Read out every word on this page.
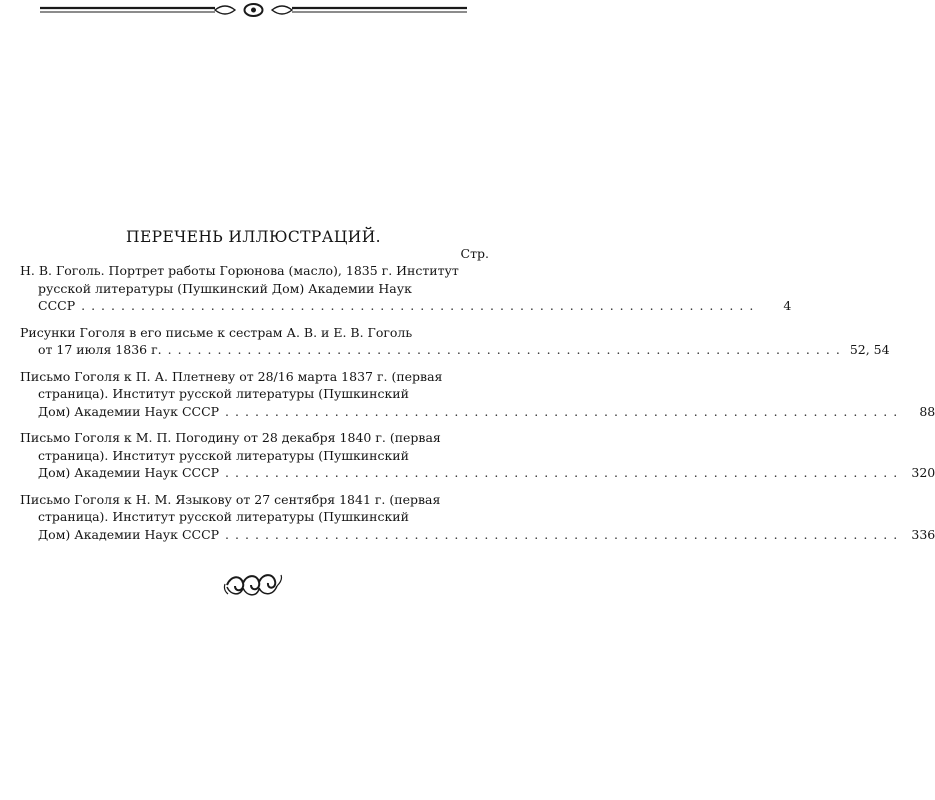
ПЕРЕЧЕНЬ ИЛЛЮСТРАЦИЙ.
Стр.
Н. В. Гоголь. Портрет работы Горюнова (масло), 1835 г. Институт
русской литературы (Пушкинский Дом) Академии Наук
СССР ....................................................................	4
Рисунки Гоголя в его письме к сестрам А. В. и Е. В. Гоголь
от 17 июля 1836 г. .................................................................... 52, 54
Письмо Гоголя к П. А. Плетневу от 28/16 марта 1837 г. (первая
страница). Институт русской литературы (Пушкинский
Дом) Академии Наук СССР ....................................................................	88
Письмо Гоголя к М. П. Погодину от 28 декабря 1840 г. (первая
страница). Институт русской литературы (Пушкинский
Дом) Академии Наук СССР .................................................................... 320
Письмо Гоголя к Н. М. Языкову от 27 сентября 1841 г. (первая
страница). Институт русской литературы (Пушкинский
Дом) Академии Наук СССР .................................................................... 336
